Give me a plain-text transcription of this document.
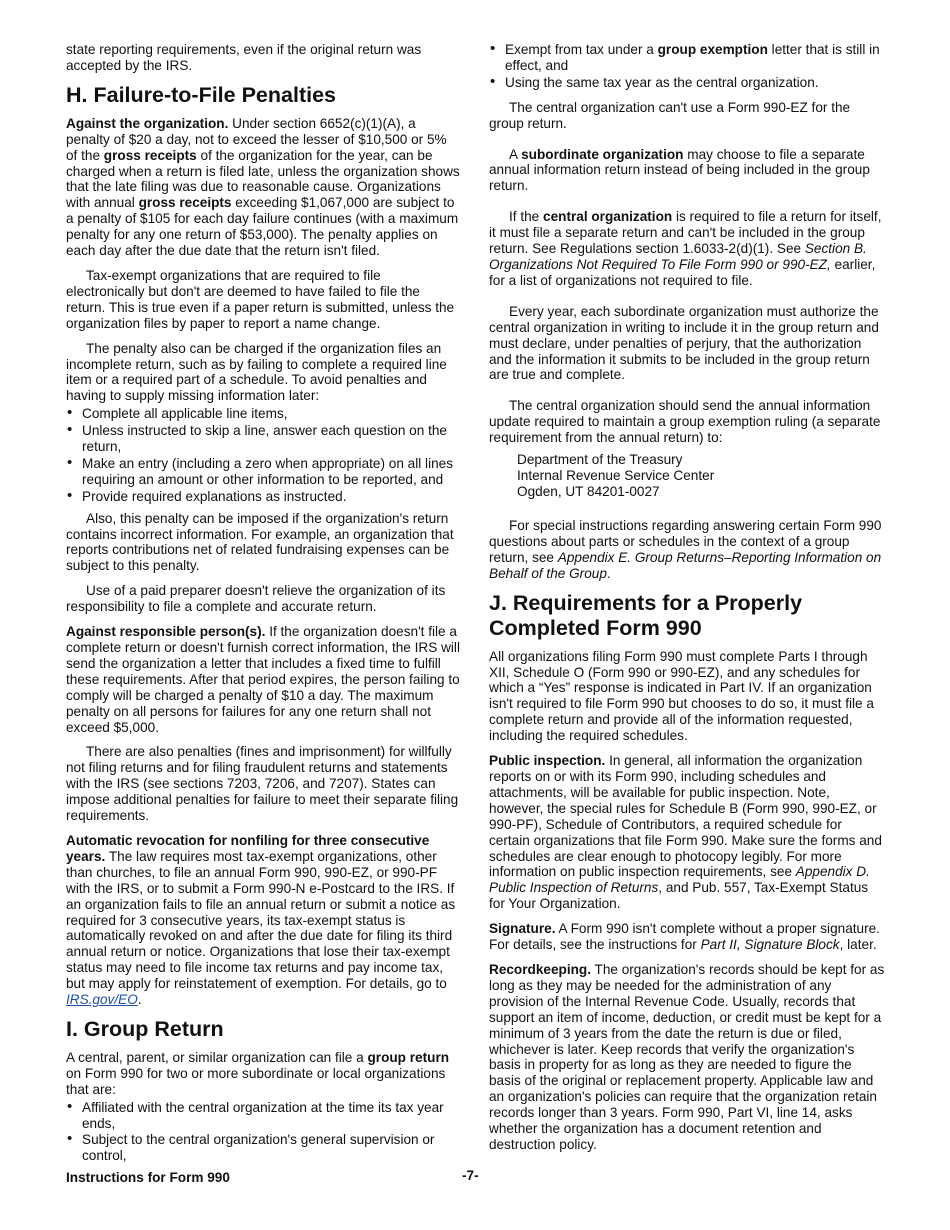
state reporting requirements, even if the original return was accepted by the IRS.

H. Failure-to-File Penalties

Against the organization. Under section 6652(c)(1)(A), a penalty of $20 a day, not to exceed the lesser of $10,500 or 5% of the gross receipts of the organization for the year, can be charged when a return is filed late, unless the organization shows that the late filing was due to reasonable cause. Organizations with annual gross receipts exceeding $1,067,000 are subject to a penalty of $105 for each day failure continues (with a maximum penalty for any one return of $53,000). The penalty applies on each day after the due date that the return isn't filed.

Tax-exempt organizations that are required to file electronically but don't are deemed to have failed to file the return. This is true even if a paper return is submitted, unless the organization files by paper to report a name change.

The penalty also can be charged if the organization files an incomplete return, such as by failing to complete a required line item or a required part of a schedule. To avoid penalties and having to supply missing information later:

• Complete all applicable line items,
• Unless instructed to skip a line, answer each question on the return,
• Make an entry (including a zero when appropriate) on all lines requiring an amount or other information to be reported, and
• Provide required explanations as instructed.

Also, this penalty can be imposed if the organization's return contains incorrect information. For example, an organization that reports contributions net of related fundraising expenses can be subject to this penalty.

Use of a paid preparer doesn't relieve the organization of its responsibility to file a complete and accurate return.

Against responsible person(s). If the organization doesn't file a complete return or doesn't furnish correct information, the IRS will send the organization a letter that includes a fixed time to fulfill these requirements. After that period expires, the person failing to comply will be charged a penalty of $10 a day. The maximum penalty on all persons for failures for any one return shall not exceed $5,000.

There are also penalties (fines and imprisonment) for willfully not filing returns and for filing fraudulent returns and statements with the IRS (see sections 7203, 7206, and 7207). States can impose additional penalties for failure to meet their separate filing requirements.

Automatic revocation for nonfiling for three consecutive years. The law requires most tax-exempt organizations, other than churches, to file an annual Form 990, 990-EZ, or 990-PF with the IRS, or to submit a Form 990-N e-Postcard to the IRS. If an organization fails to file an annual return or submit a notice as required for 3 consecutive years, its tax-exempt status is automatically revoked on and after the due date for filing its third annual return or notice. Organizations that lose their tax-exempt status may need to file income tax returns and pay income tax, but may apply for reinstatement of exemption. For details, go to IRS.gov/EO.

I. Group Return

A central, parent, or similar organization can file a group return on Form 990 for two or more subordinate or local organizations that are:

• Affiliated with the central organization at the time its tax year ends,
• Subject to the central organization's general supervision or control,
• Exempt from tax under a group exemption letter that is still in effect, and
• Using the same tax year as the central organization.

The central organization can't use a Form 990-EZ for the group return.

A subordinate organization may choose to file a separate annual information return instead of being included in the group return.

If the central organization is required to file a return for itself, it must file a separate return and can't be included in the group return. See Regulations section 1.6033-2(d)(1). See Section B. Organizations Not Required To File Form 990 or 990-EZ, earlier, for a list of organizations not required to file.

Every year, each subordinate organization must authorize the central organization in writing to include it in the group return and must declare, under penalties of perjury, that the authorization and the information it submits to be included in the group return are true and complete.

The central organization should send the annual information update required to maintain a group exemption ruling (a separate requirement from the annual return) to:

Department of the Treasury
Internal Revenue Service Center
Ogden, UT 84201-0027

For special instructions regarding answering certain Form 990 questions about parts or schedules in the context of a group return, see Appendix E. Group Returns–Reporting Information on Behalf of the Group.

J. Requirements for a Properly Completed Form 990

All organizations filing Form 990 must complete Parts I through XII, Schedule O (Form 990 or 990-EZ), and any schedules for which a “Yes” response is indicated in Part IV. If an organization isn't required to file Form 990 but chooses to do so, it must file a complete return and provide all of the information requested, including the required schedules.

Public inspection. In general, all information the organization reports on or with its Form 990, including schedules and attachments, will be available for public inspection. Note, however, the special rules for Schedule B (Form 990, 990-EZ, or 990-PF), Schedule of Contributors, a required schedule for certain organizations that file Form 990. Make sure the forms and schedules are clear enough to photocopy legibly. For more information on public inspection requirements, see Appendix D. Public Inspection of Returns, and Pub. 557, Tax-Exempt Status for Your Organization.

Signature. A Form 990 isn't complete without a proper signature. For details, see the instructions for Part II, Signature Block, later.

Recordkeeping. The organization's records should be kept for as long as they may be needed for the administration of any provision of the Internal Revenue Code. Usually, records that support an item of income, deduction, or credit must be kept for a minimum of 3 years from the date the return is due or filed, whichever is later. Keep records that verify the organization's basis in property for as long as they are needed to figure the basis of the original or replacement property. Applicable law and an organization's policies can require that the organization retain records longer than 3 years. Form 990, Part VI, line 14, asks whether the organization has a document retention and destruction policy.

Instructions for Form 990	-7-
